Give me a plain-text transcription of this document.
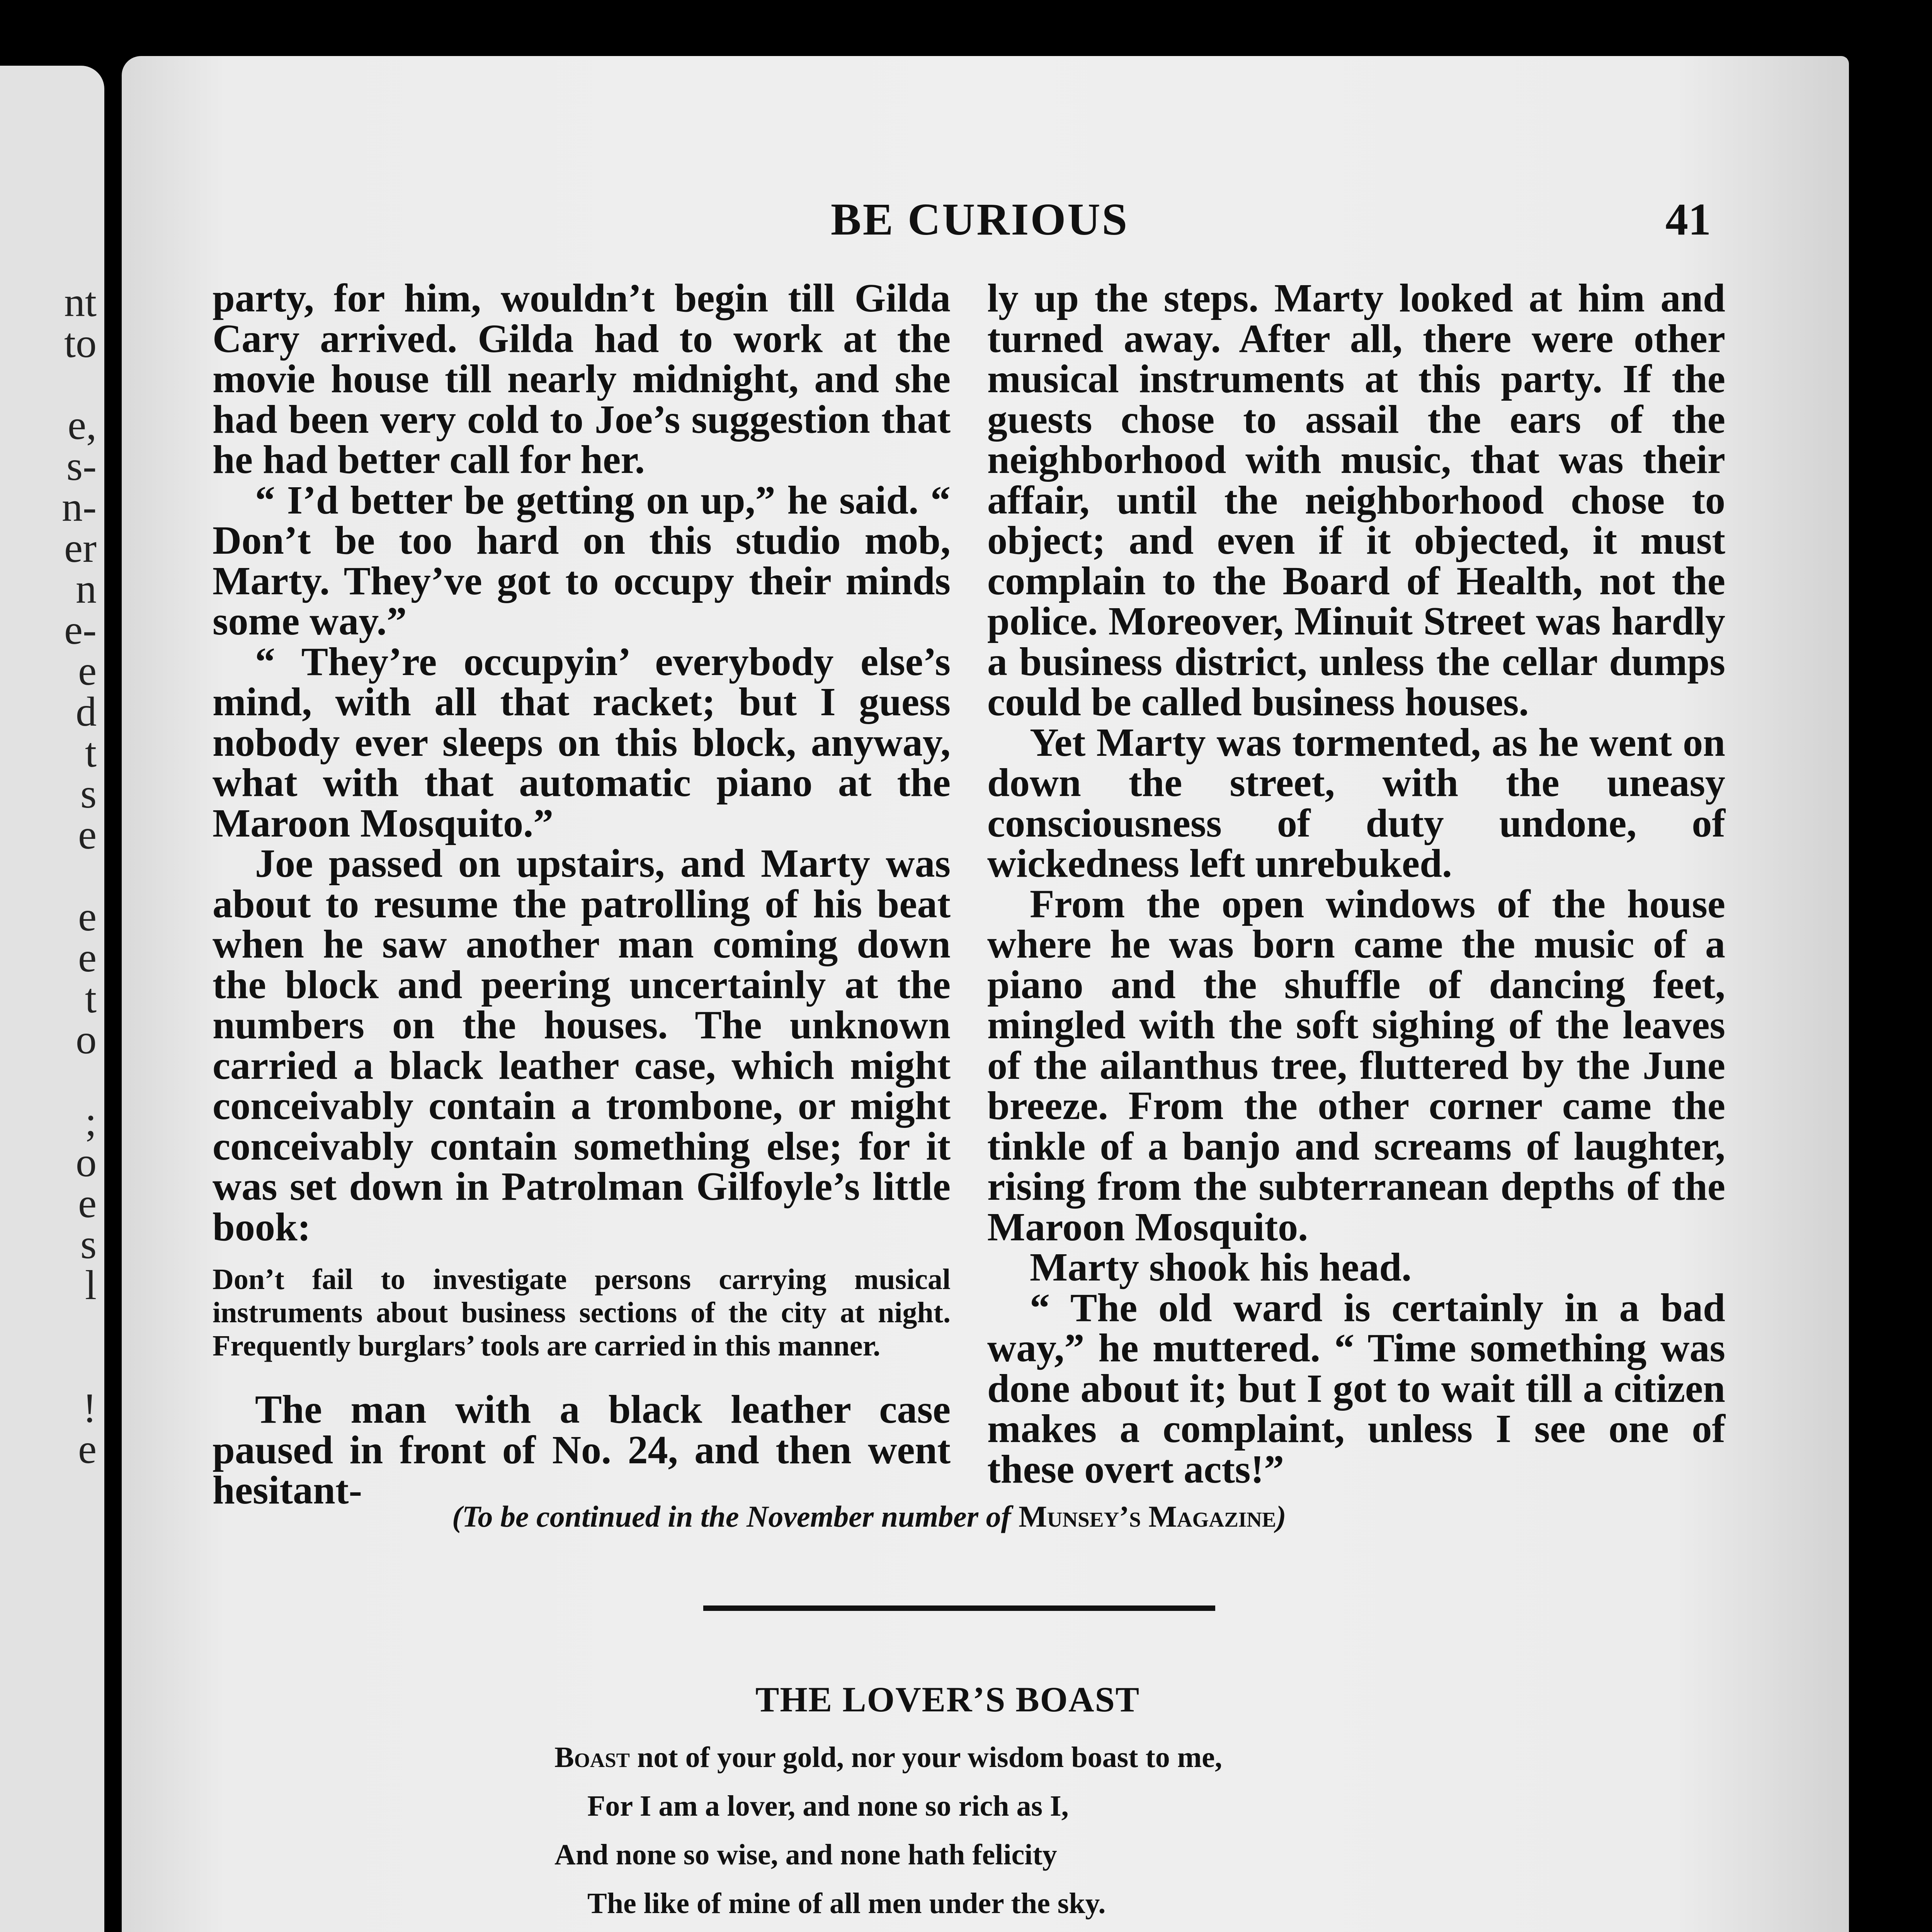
nt
to
e,
s-
n-
er
n
e-
e
d
t
s
e
e
e
t
o
;
o
e
s
l
!
e
BE CURIOUS	41

party, for him, wouldn’t begin till Gilda Cary arrived. Gilda had to work at the movie house till nearly midnight, and she had been very cold to Joe’s suggestion that he had better call for her.

“ I’d better be getting on up,” he said. “ Don’t be too hard on this studio mob, Marty. They’ve got to occupy their minds some way.”

“ They’re occupyin’ everybody else’s mind, with all that racket; but I guess nobody ever sleeps on this block, anyway, what with that automatic piano at the Maroon Mosquito.”

Joe passed on upstairs, and Marty was about to resume the patrolling of his beat when he saw another man coming down the block and peering uncertainly at the numbers on the houses. The unknown carried a black leather case, which might conceivably contain a trombone, or might conceivably contain something else; for it was set down in Patrolman Gilfoyle’s little book:

Don’t fail to investigate persons carrying musical instruments about business sections of the city at night. Frequently burglars’ tools are carried in this manner.

The man with a black leather case paused in front of No. 24, and then went hesitant-

ly up the steps. Marty looked at him and turned away. After all, there were other musical instruments at this party. If the guests chose to assail the ears of the neighborhood with music, that was their affair, until the neighborhood chose to object; and even if it objected, it must complain to the Board of Health, not the police. Moreover, Minuit Street was hardly a business district, unless the cellar dumps could be called business houses.

Yet Marty was tormented, as he went on down the street, with the uneasy consciousness of duty undone, of wickedness left unrebuked.

From the open windows of the house where he was born came the music of a piano and the shuffle of dancing feet, mingled with the soft sighing of the leaves of the ailanthus tree, fluttered by the June breeze. From the other corner came the tinkle of a banjo and screams of laughter, rising from the subterranean depths of the Maroon Mosquito.

Marty shook his head.

“ The old ward is certainly in a bad way,” he muttered. “ Time something was done about it; but I got to wait till a citizen makes a complaint, unless I see one of these overt acts!”

(To be continued in the November number of Munsey’s Magazine)
THE LOVER’S BOAST
Boast not of your gold, nor your wisdom boast to me,
For I am a lover, and none so rich as I,
And none so wise, and none hath felicity
The like of mine of all men under the sky.
